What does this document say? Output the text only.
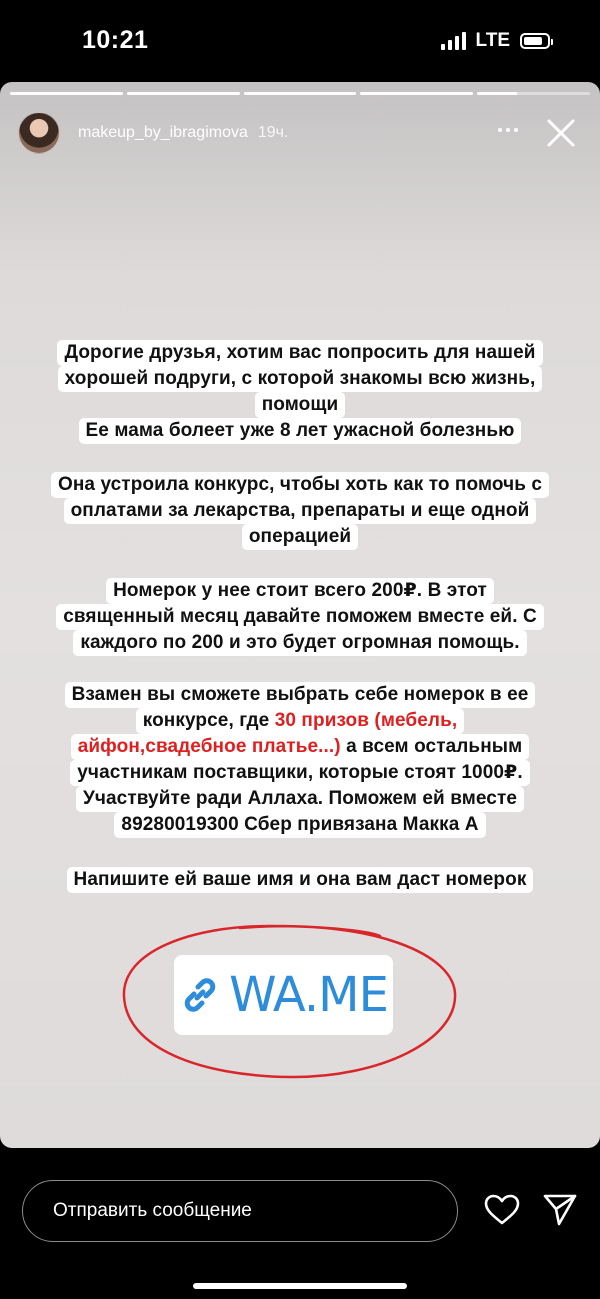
10:21	LTE
makeup_by_ibragimova 19ч.
Дорогие друзья, хотим вас попросить для нашей
хорошей подруги, с которой знакомы всю жизнь,
помощи
Ее мама болеет уже 8 лет ужасной болезнью
Она устроила конкурс, чтобы хоть как то помочь с
оплатами за лекарства, препараты и еще одной
операцией
Номерок у нее стоит всего 200₽. В этот
священный месяц давайте поможем вместе ей. С
каждого по 200 и это будет огромная помощь.
Взамен вы сможете выбрать себе номерок в ее
конкурсе, где 30 призов (мебель,
айфон,свадебное платье...) а всем остальным
участникам поставщики, которые стоят 1000₽.
Участвуйте ради Аллаха. Поможем ей вместе
89280019300 Сбер привязана Макка А
Напишите ей ваше имя и она вам даст номерок
WA.ME
Отправить сообщение
